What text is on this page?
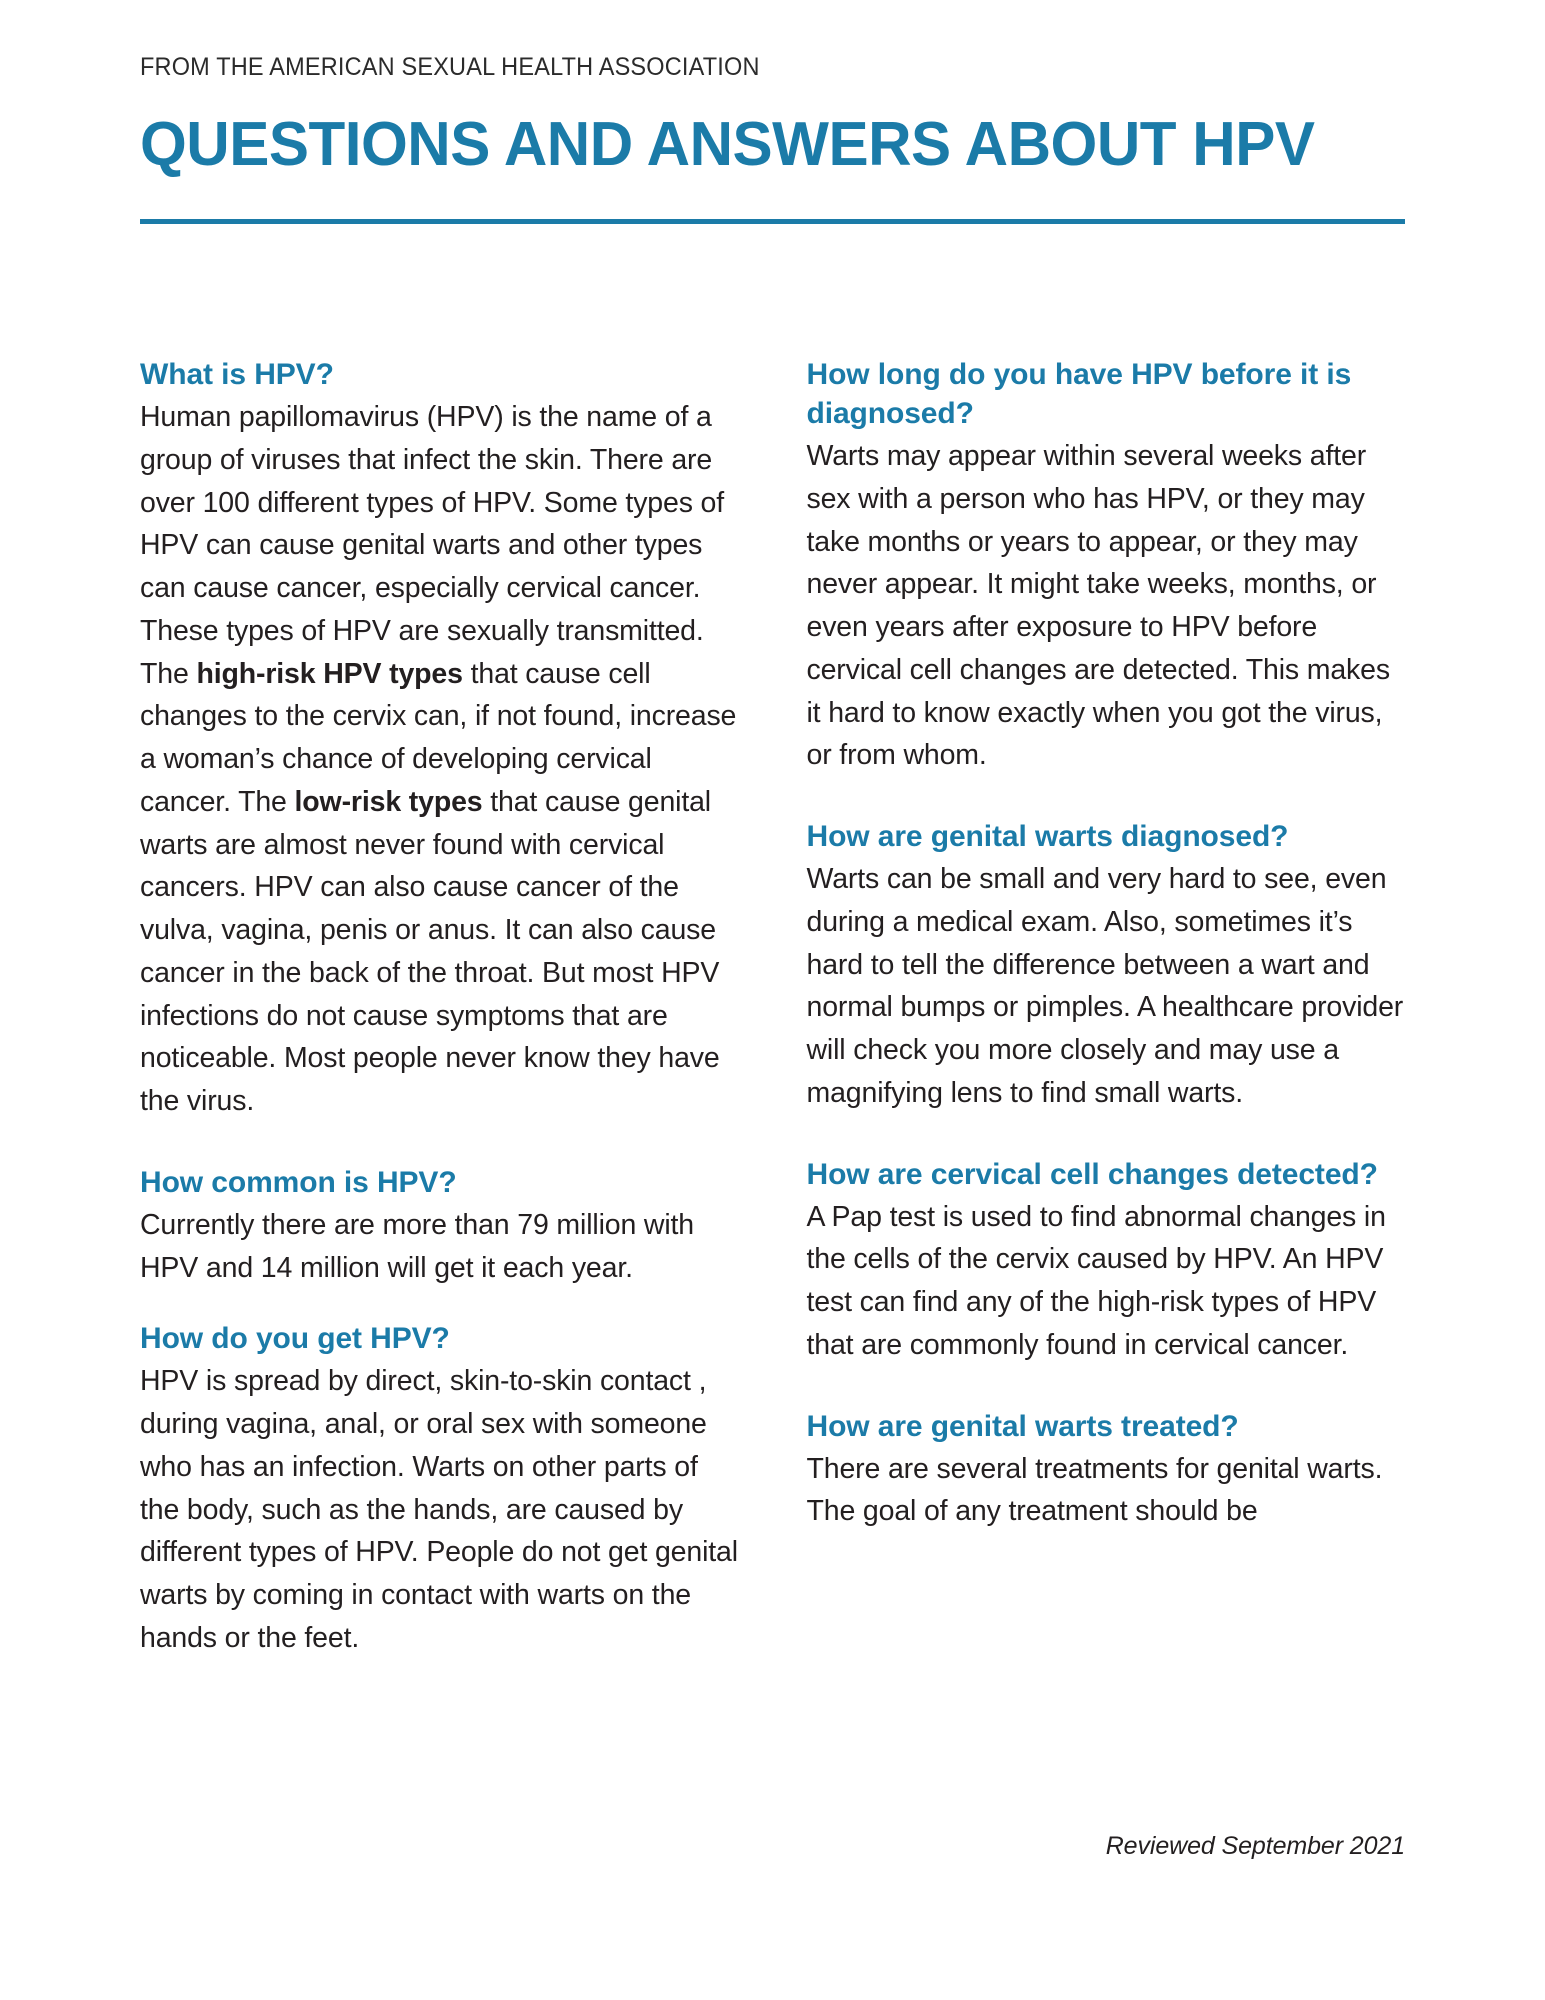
FROM THE AMERICAN SEXUAL HEALTH ASSOCIATION
QUESTIONS AND ANSWERS ABOUT HPV
What is HPV?

Human papillomavirus (HPV) is the name of a group of viruses that infect the skin. There are over 100 different types of HPV. Some types of HPV can cause genital warts and other types can cause cancer, especially cervical cancer. These types of HPV are sexually transmitted.

The high-risk HPV types that cause cell changes to the cervix can, if not found, increase a woman’s chance of developing cervical cancer. The low-risk types that cause genital warts are almost never found with cervical cancers. HPV can also cause cancer of the vulva, vagina, penis or anus. It can also cause cancer in the back of the throat. But most HPV infections do not cause symptoms that are noticeable. Most people never know they have the virus.

How common is HPV?

Currently there are more than 79 million with HPV and 14 million will get it each year.

How do you get HPV?

HPV is spread by direct, skin-to-skin contact , during vagina, anal, or oral sex with someone who has an infection. Warts on other parts of the body, such as the hands, are caused by different types of HPV. People do not get genital warts by coming in contact with warts on the hands or the feet.

How long do you have HPV before it is diagnosed?

Warts may appear within several weeks after sex with a person who has HPV, or they may take months or years to appear, or they may never appear. It might take weeks, months, or even years after exposure to HPV before cervical cell changes are detected. This makes it hard to know exactly when you got the virus, or from whom.

How are genital warts diagnosed?

Warts can be small and very hard to see, even during a medical exam. Also, sometimes it’s hard to tell the difference between a wart and normal bumps or pimples. A healthcare provider will check you more closely and may use a magnifying lens to find small warts.

How are cervical cell changes detected?

A Pap test is used to find abnormal changes in the cells of the cervix caused by HPV. An HPV test can find any of the high-risk types of HPV that are commonly found in cervical cancer.

How are genital warts treated?

There are several treatments for genital warts. The goal of any treatment should be

Reviewed September 2021
